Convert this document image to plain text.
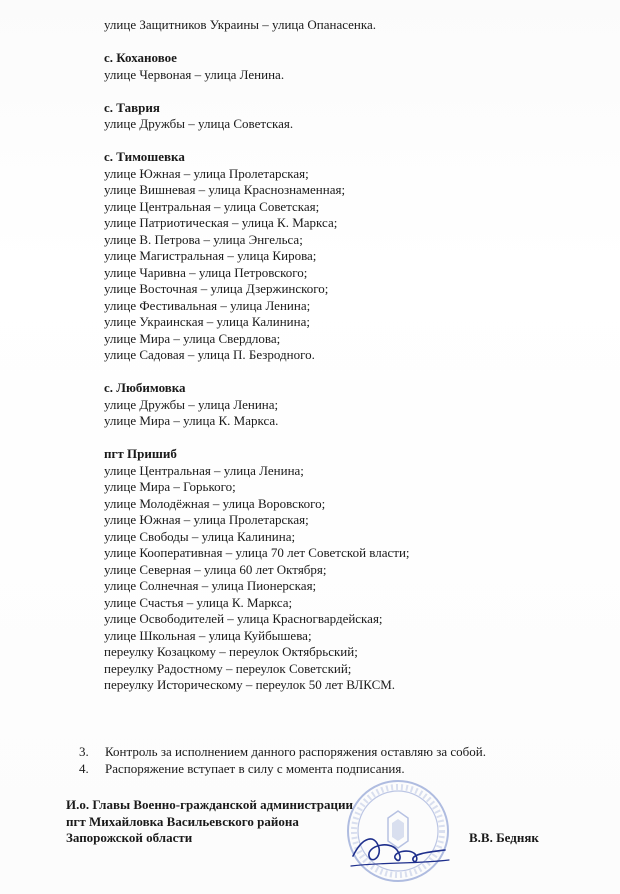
улице Защитников Украины – улица Опанасенка.
с. Кохановое
улице Червоная – улица Ленина.
с. Таврия
улице Дружбы – улица Советская.
с. Тимошевка
улице Южная – улица Пролетарская;
улице Вишневая – улица Краснознаменная;
улице Центральная – улица Советская;
улице Патриотическая – улица К. Маркса;
улице В. Петрова – улица Энгельса;
улице Магистральная – улица Кирова;
улице Чаривна – улица Петровского;
улице Восточная – улица Дзержинского;
улице Фестивальная – улица Ленина;
улице Украинская – улица Калинина;
улице Мира – улица Свердлова;
улице Садовая – улица П. Безродного.
с. Любимовка
улице Дружбы – улица Ленина;
улице Мира – улица К. Маркса.
пгт Пришиб
улице Центральная – улица Ленина;
улице Мира – Горького;
улице Молодёжная – улица Воровского;
улице Южная – улица Пролетарская;
улице Свободы – улица Калинина;
улице Кооперативная – улица 70 лет Советской власти;
улице Северная – улица 60 лет Октября;
улице Солнечная – улица Пионерская;
улице Счастья – улица К. Маркса;
улице Освободителей – улица Красногвардейская;
улице Школьная – улица Куйбышева;
переулку Козацкому – переулок Октябрьский;
переулку Радостному – переулок Советский;
переулку Историческому – переулок 50 лет ВЛКСМ.
3. Контроль за исполнением данного распоряжения оставляю за собой.
4. Распоряжение вступает в силу с момента подписания.
И.о. Главы Военно-гражданской администрации
пгт Михайловка Васильевского района
Запорожской области	В.В. Бедняк
